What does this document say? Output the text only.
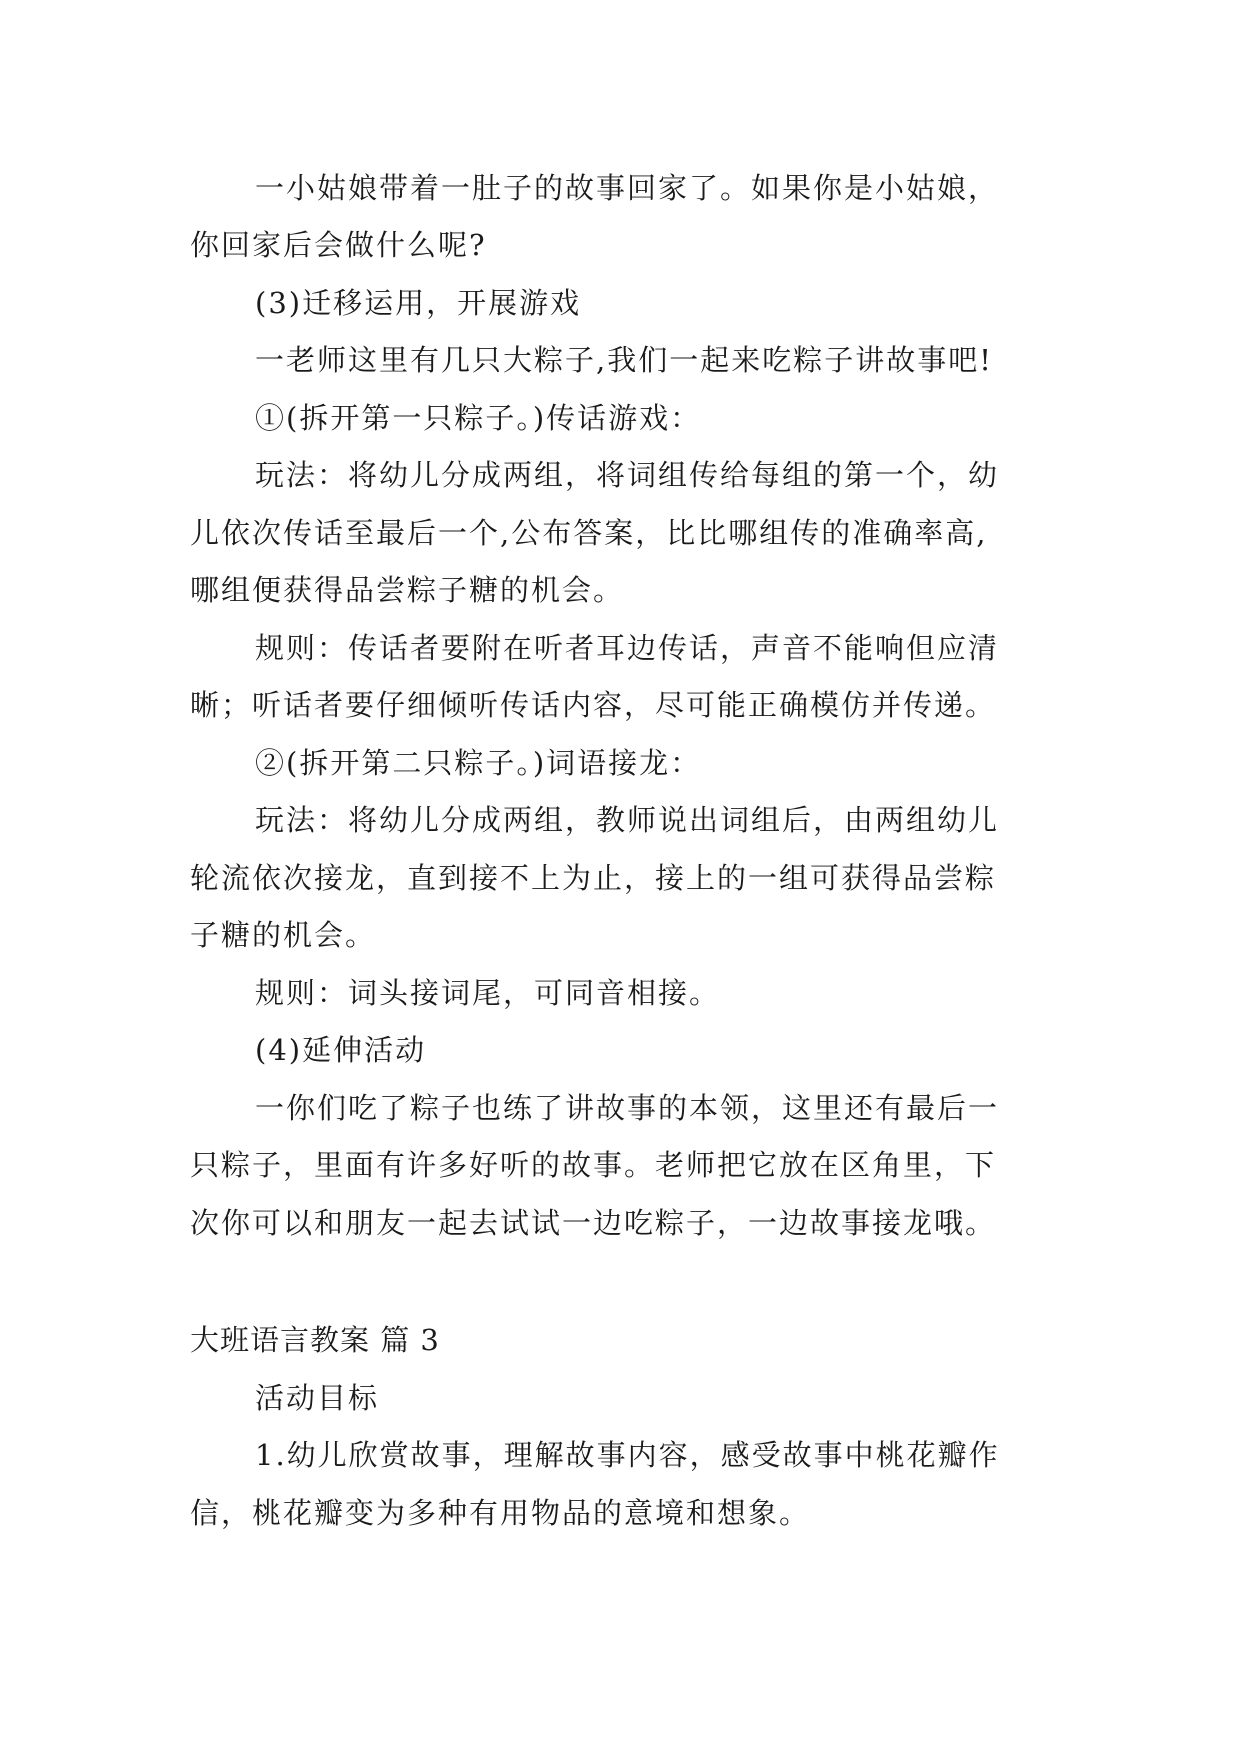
一小姑娘带着一肚子的故事回家了。如果你是小姑娘，
你回家后会做什么呢?
(3)迁移运用，开展游戏
一老师这里有几只大粽子,我们一起来吃粽子讲故事吧!
①(拆开第一只粽子。)传话游戏：
玩法：将幼儿分成两组，将词组传给每组的第一个，幼
儿依次传话至最后一个,公布答案，比比哪组传的准确率高,
哪组便获得品尝粽子糖的机会。
规则：传话者要附在听者耳边传话，声音不能响但应清
晰；听话者要仔细倾听传话内容，尽可能正确模仿并传递。
②(拆开第二只粽子。)词语接龙：
玩法：将幼儿分成两组，教师说出词组后，由两组幼儿
轮流依次接龙，直到接不上为止，接上的一组可获得品尝粽
子糖的机会。
规则：词头接词尾，可同音相接。
(4)延伸活动
一你们吃了粽子也练了讲故事的本领，这里还有最后一
只粽子，里面有许多好听的故事。老师把它放在区角里，下
次你可以和朋友一起去试试一边吃粽子，一边故事接龙哦。
大班语言教案 篇 3
活动目标
1.幼儿欣赏故事，理解故事内容，感受故事中桃花瓣作
信，桃花瓣变为多种有用物品的意境和想象。
